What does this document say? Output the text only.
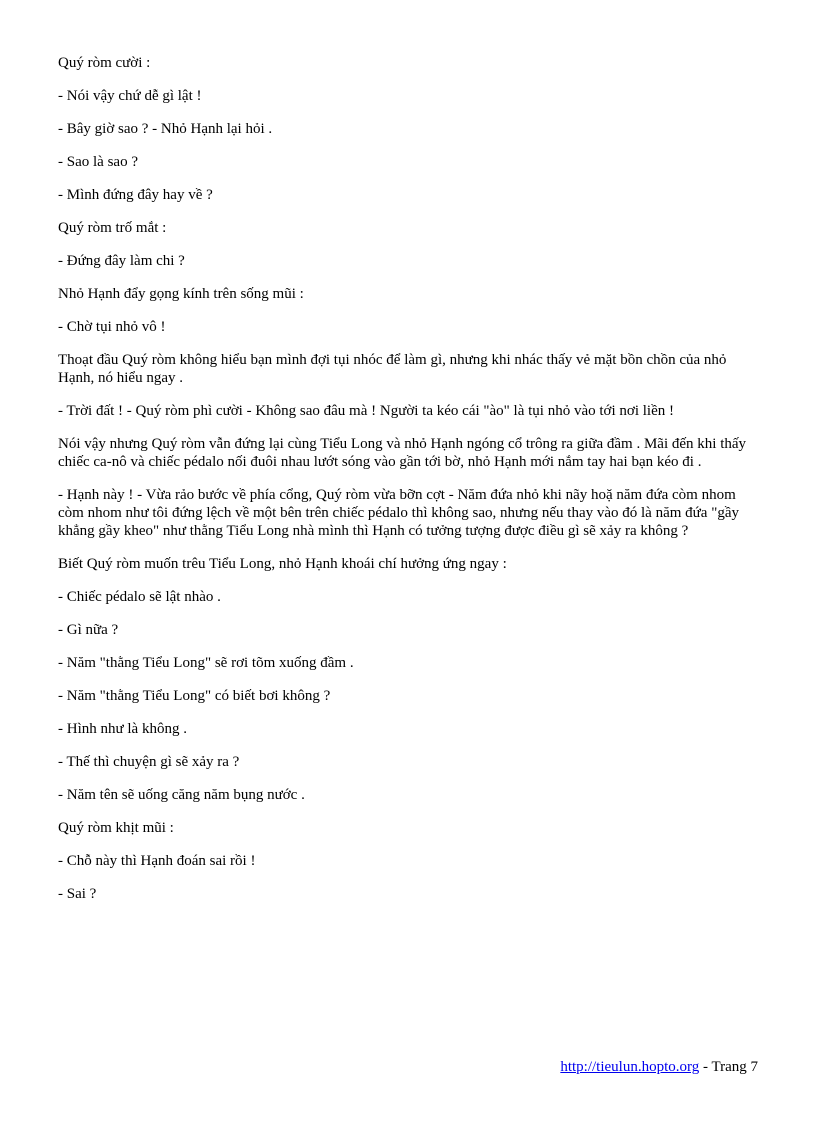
Quý ròm cười :

- Nói vậy chứ dễ gì lật !

- Bây giờ sao ? - Nhỏ Hạnh lại hỏi .

- Sao là sao ?

- Mình đứng đây hay về ?

Quý ròm trố mắt :

- Đứng đây làm chi ?

Nhỏ Hạnh đẩy gọng kính trên sống mũi :

- Chờ tụi nhỏ vô !

Thoạt đầu Quý ròm không hiểu bạn mình đợi tụi nhóc để làm gì, nhưng khi nhác thấy vẻ mặt bồn chồn của nhỏ Hạnh, nó hiểu ngay .

- Trời đất ! - Quý ròm phì cười - Không sao đâu mà ! Người ta kéo cái "ào" là tụi nhỏ vào tới nơi liền !

Nói vậy nhưng Quý ròm vẫn đứng lại cùng Tiểu Long và nhỏ Hạnh ngóng cổ trông ra giữa đầm . Mãi đến khi thấy chiếc ca-nô và chiếc pédalo nối đuôi nhau lướt sóng vào gần tới bờ, nhỏ Hạnh mới nắm tay hai bạn kéo đi .

- Hạnh này ! - Vừa rảo bước về phía cổng, Quý ròm vừa bỡn cợt - Năm đứa nhỏ khi nãy hoặ năm đứa còm nhom còm nhom như tôi đứng lệch về một bên trên chiếc pédalo thì không sao, nhưng nếu thay vào đó là năm đứa "gầy khẳng gầy kheo" như thằng Tiểu Long nhà mình thì Hạnh có tưởng tượng được điều gì sẽ xảy ra không ?

Biết Quý ròm muốn trêu Tiểu Long, nhỏ Hạnh khoái chí hưởng ứng ngay :

- Chiếc pédalo sẽ lật nhào .

- Gì nữa ?

- Năm "thằng Tiểu Long" sẽ rơi tõm xuống đầm .

- Năm "thằng Tiểu Long" có biết bơi không ?

- Hình như là không .

- Thế thì chuyện gì sẽ xảy ra ?

- Năm tên sẽ uống căng năm bụng nước .

Quý ròm khịt mũi :

- Chỗ này thì Hạnh đoán sai rồi !

- Sai ?

http://tieulun.hopto.org - Trang 7
